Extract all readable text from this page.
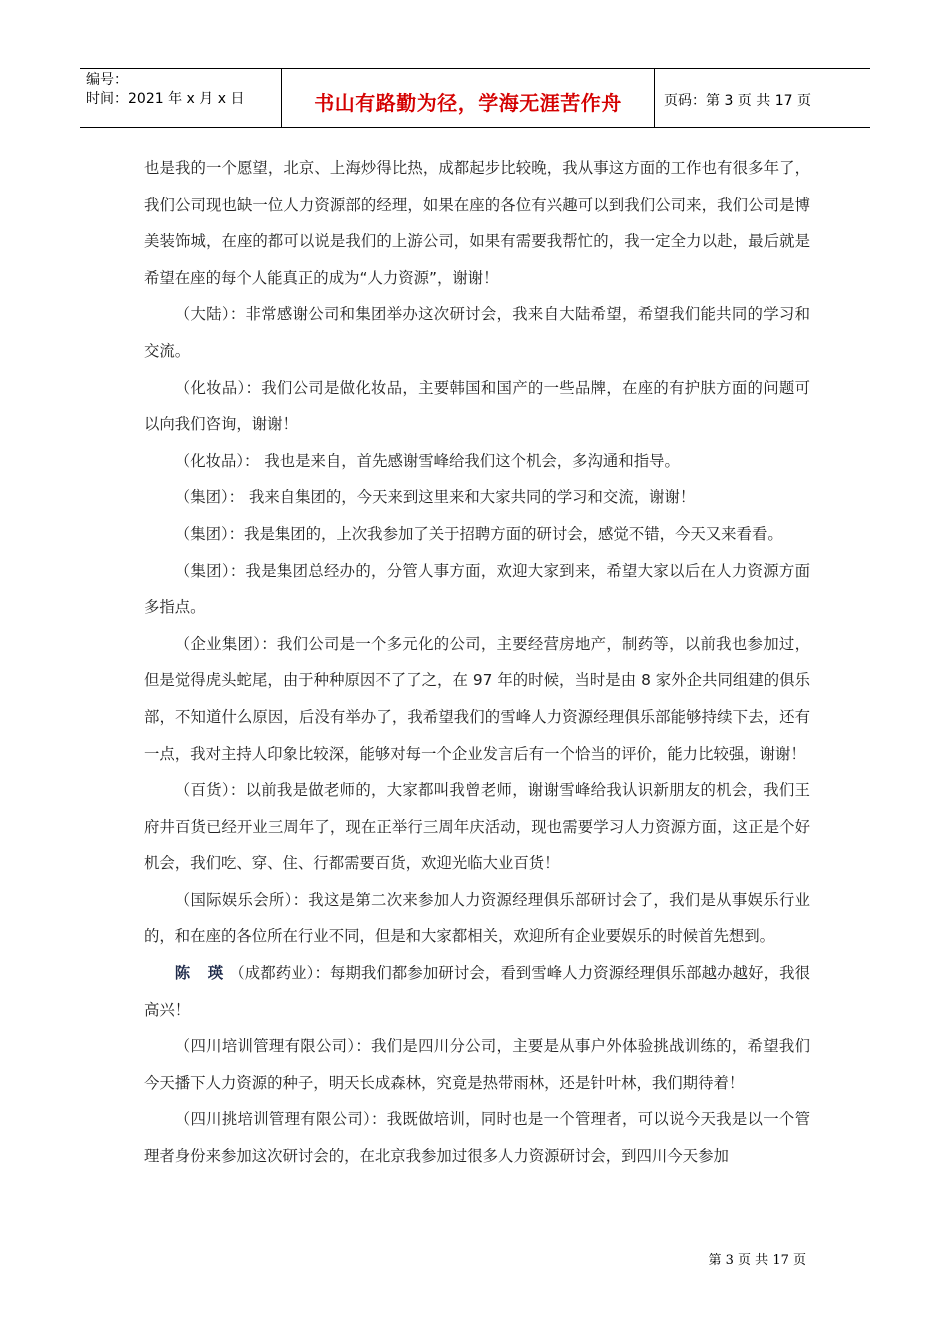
编号：
时间：2021 年 x 月 x 日	书山有路勤为径，学海无涯苦作舟	页码：第 3 页 共 17 页

也是我的一个愿望，北京、上海炒得比热，成都起步比较晚，我从事这方面的工作也有很多年了，我们公司现也缺一位人力资源部的经理，如果在座的各位有兴趣可以到我们公司来，我们公司是博美装饰城，在座的都可以说是我们的上游公司，如果有需要我帮忙的，我一定全力以赴，最后就是希望在座的每个人能真正的成为“人力资源”，谢谢！

（大陆）：非常感谢公司和集团举办这次研讨会，我来自大陆希望，希望我们能共同的学习和交流。

（化妆品）：我们公司是做化妆品，主要韩国和国产的一些品牌，在座的有护肤方面的问题可以向我们咨询，谢谢！

（化妆品）： 我也是来自，首先感谢雪峰给我们这个机会，多沟通和指导。

（集团）： 我来自集团的，今天来到这里来和大家共同的学习和交流，谢谢！

（集团）：我是集团的，上次我参加了关于招聘方面的研讨会，感觉不错，今天又来看看。

（集团）：我是集团总经办的，分管人事方面，欢迎大家到来，希望大家以后在人力资源方面多指点。

（企业集团）：我们公司是一个多元化的公司，主要经营房地产，制药等，以前我也参加过，但是觉得虎头蛇尾，由于种种原因不了了之，在 97 年的时候，当时是由 8 家外企共同组建的俱乐部，不知道什么原因，后没有举办了，我希望我们的雪峰人力资源经理俱乐部能够持续下去，还有一点，我对主持人印象比较深，能够对每一个企业发言后有一个恰当的评价，能力比较强，谢谢！

（百货）：以前我是做老师的，大家都叫我曾老师，谢谢雪峰给我认识新朋友的机会，我们王府井百货已经开业三周年了，现在正举行三周年庆活动，现也需要学习人力资源方面，这正是个好机会，我们吃、穿、住、行都需要百货，欢迎光临大业百货！

（国际娱乐会所）：我这是第二次来参加人力资源经理俱乐部研讨会了，我们是从事娱乐行业的，和在座的各位所在行业不同，但是和大家都相关，欢迎所有企业要娱乐的时候首先想到。

陈 瑛（成都药业）：每期我们都参加研讨会，看到雪峰人力资源经理俱乐部越办越好，我很高兴！

（四川培训管理有限公司）：我们是四川分公司，主要是从事户外体验挑战训练的，希望我们今天播下人力资源的种子，明天长成森林，究竟是热带雨林，还是针叶林，我们期待着！

（四川挑培训管理有限公司）：我既做培训，同时也是一个管理者，可以说今天我是以一个管理者身份来参加这次研讨会的，在北京我参加过很多人力资源研讨会，到四川今天参加

第 3 页 共 17 页
